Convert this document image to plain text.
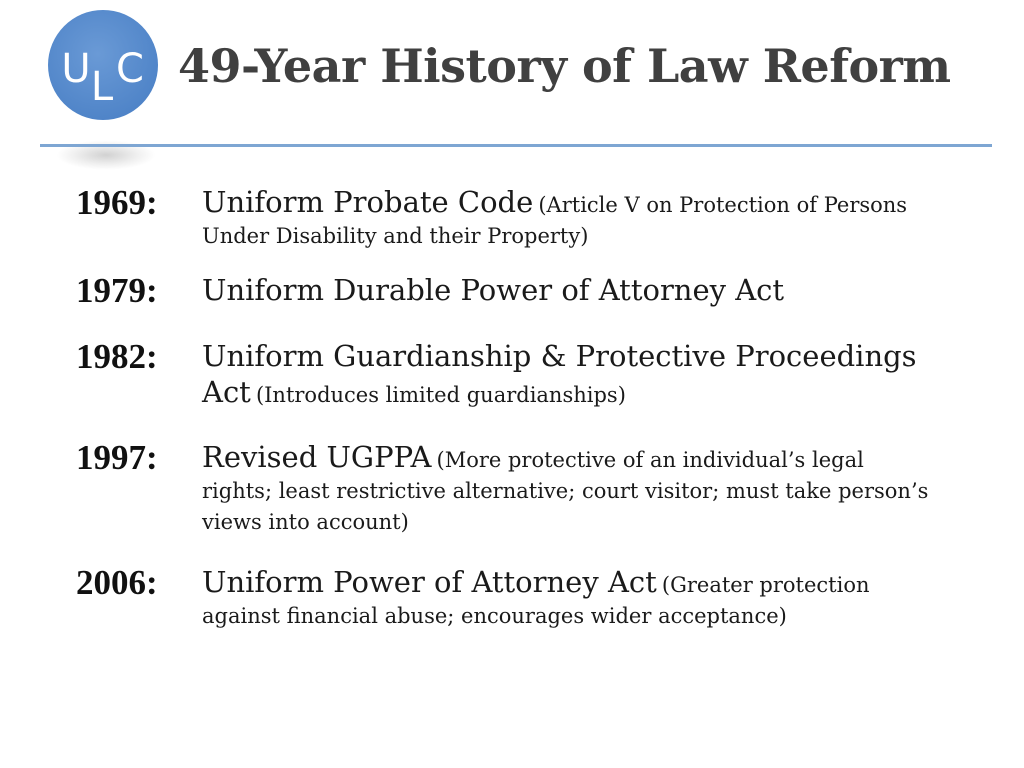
U L C 49-Year History of Law Reform
1969:	Uniform Probate Code (Article V on Protection of Persons Under Disability and their Property)
1979:	Uniform Durable Power of Attorney Act
1982:	Uniform Guardianship & Protective Proceedings Act (Introduces limited guardianships)
1997:	Revised UGPPA (More protective of an individual’s legal rights; least restrictive alternative; court visitor; must take person’s views into account)
2006:	Uniform Power of Attorney Act (Greater protection against financial abuse; encourages wider acceptance)
